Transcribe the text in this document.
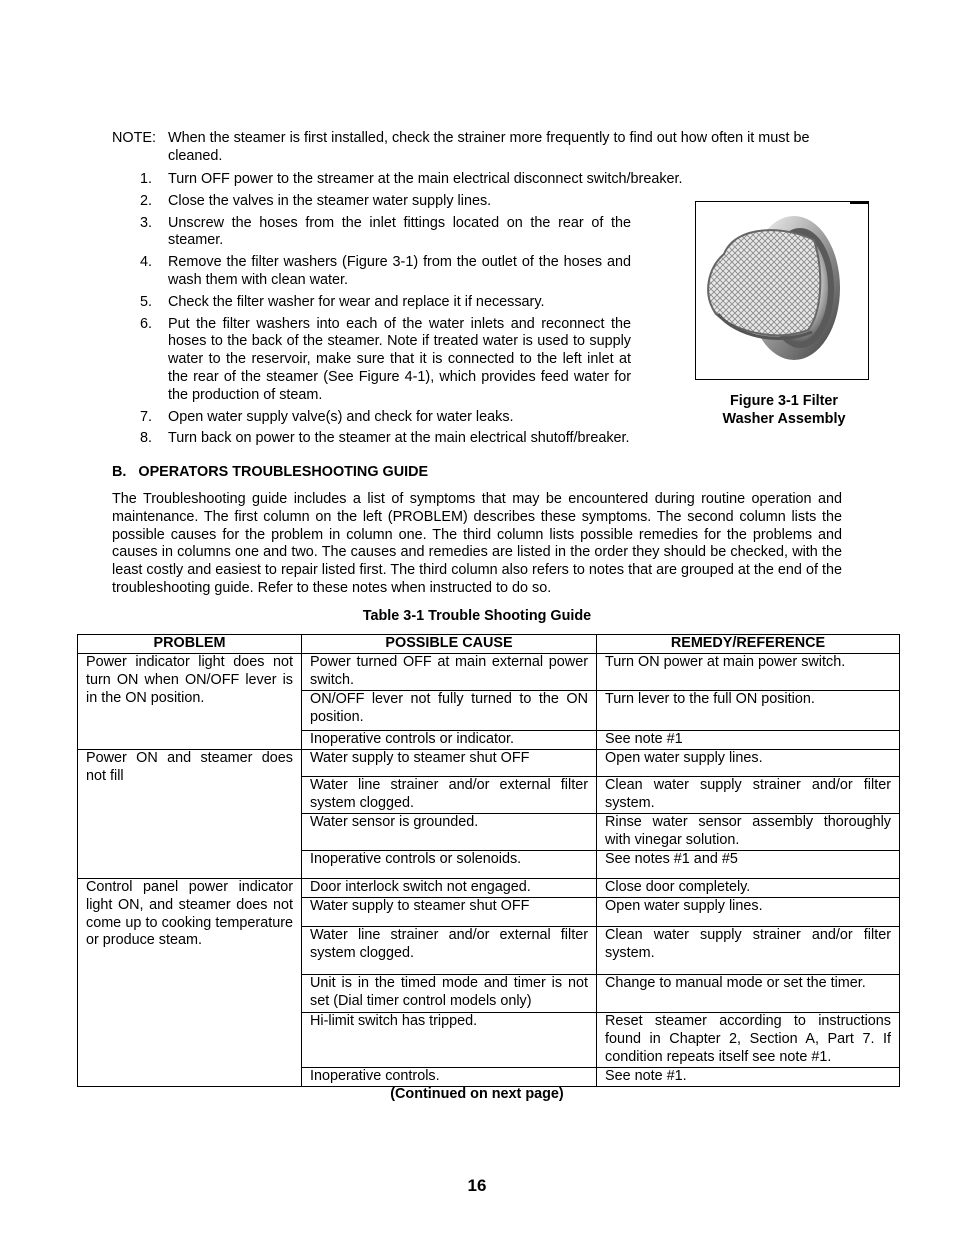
NOTE: When the steamer is first installed, check the strainer more frequently to find out how often it must be cleaned.
1. Turn OFF power to the streamer at the main electrical disconnect switch/breaker.
2. Close the valves in the steamer water supply lines.
3. Unscrew the hoses from the inlet fittings located on the rear of the steamer.
4. Remove the filter washers (Figure 3-1) from the outlet of the hoses and wash them with clean water.
5. Check the filter washer for wear and replace it if necessary.
6. Put the filter washers into each of the water inlets and reconnect the hoses to the back of the steamer. Note if treated water is used to supply water to the reservoir, make sure that it is connected to the left inlet at the rear of the steamer (See Figure 4-1), which provides feed water for the production of steam.
7. Open water supply valve(s) and check for water leaks.
8. Turn back on power to the steamer at the main electrical shutoff/breaker.
Figure 3-1 Filter
Washer Assembly
B.   OPERATORS TROUBLESHOOTING GUIDE
The Troubleshooting guide includes a list of symptoms that may be encountered during routine operation and maintenance. The first column on the left (PROBLEM) describes these symptoms. The second column lists the possible causes for the problem in column one. The third column lists possible remedies for the problems and causes in columns one and two. The causes and remedies are listed in the order they should be checked, with the least costly and easiest to repair listed first. The third column also refers to notes that are grouped at the end of the troubleshooting guide. Refer to these notes when instructed to do so.
Table 3-1 Trouble Shooting Guide
PROBLEM	POSSIBLE CAUSE	REMEDY/REFERENCE
Power indicator light does not turn ON when ON/OFF lever is in the ON position.	Power turned OFF at main external power switch.	Turn ON power at main power switch.
	ON/OFF lever not fully turned to the ON position.	Turn lever to the full ON position.
	Inoperative controls or indicator.	See note #1
Power ON and steamer does not fill	Water supply to steamer shut OFF	Open water supply lines.
	Water line strainer and/or external filter system clogged.	Clean water supply strainer and/or filter system.
	Water sensor is grounded.	Rinse water sensor assembly thoroughly with vinegar solution.
	Inoperative controls or solenoids.	See notes #1 and #5
Control panel power indicator light ON, and steamer does not come up to cooking temperature or produce steam.	Door interlock switch not engaged.	Close door completely.
	Water supply to steamer shut OFF	Open water supply lines.
	Water line strainer and/or external filter system clogged.	Clean water supply strainer and/or filter system.
	Unit is in the timed mode and timer is not set (Dial timer control models only)	Change to manual mode or set the timer.
	Hi-limit switch has tripped.	Reset steamer according to instructions found in Chapter 2, Section A, Part 7. If condition repeats itself see note #1.
	Inoperative controls.	See note #1.
(Continued on next page)
16
